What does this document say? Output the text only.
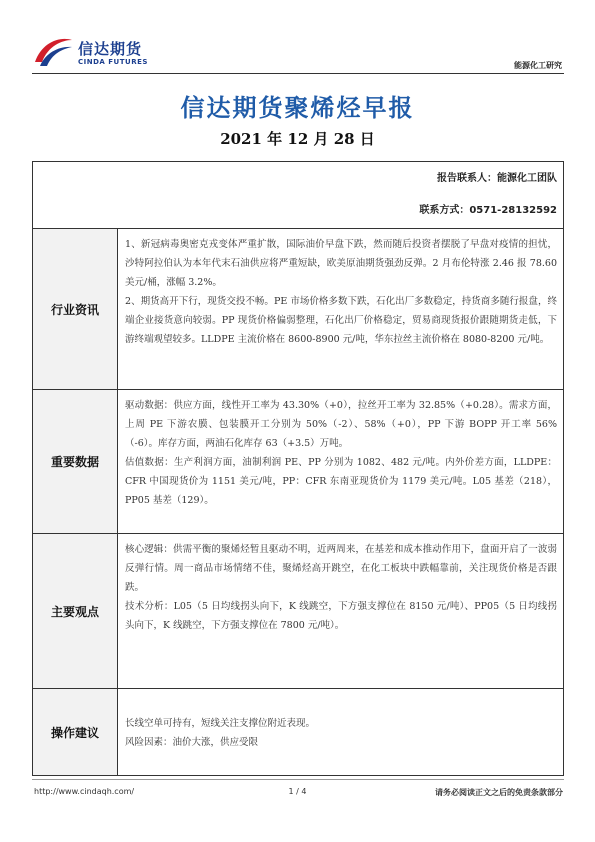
信达期货
CINDA FUTURES	能源化工研究
信达期货聚烯烃早报
2021 年 12 月 28 日
报告联系人：能源化工团队
联系方式：0571-28132592	

行业资讯	1、新冠病毒奥密克戎变体严重扩散，国际油价早盘下跌，然而随后投资者摆脱了早盘对疫情的担忧，沙特阿拉伯认为本年代末石油供应将严重短缺，欧美原油期货强劲反弹。2 月布伦特涨 2.46 报 78.60 美元/桶，涨幅 3.2%。

2、期货高开下行，现货交投不畅。PE 市场价格多数下跌，石化出厂多数稳定，持货商多随行报盘，终端企业接货意向较弱。PP 现货价格偏弱整理，石化出厂价格稳定，贸易商现货报价跟随期货走低，下游终端观望较多。LLDPE 主流价格在 8600-8900 元/吨，华东拉丝主流价格在 8080-8200 元/吨。

重要数据	驱动数据：供应方面，线性开工率为 43.30%（+0），拉丝开工率为 32.85%（+0.28）。需求方面，上周 PE 下游农膜、包装膜开工分别为 50%（-2）、58%（+0），PP 下游 BOPP 开工率 56%（-6）。库存方面，两油石化库存 63（+3.5）万吨。

估值数据：生产利润方面，油制利润 PE、PP 分别为 1082、482 元/吨。内外价差方面，LLDPE：CFR 中国现货价为 1151 美元/吨，PP：CFR 东南亚现货价为 1179 美元/吨。L05 基差（218），PP05 基差（129）。

主要观点	核心逻辑：供需平衡的聚烯烃暂且驱动不明，近两周来，在基差和成本推动作用下，盘面开启了一波弱反弹行情。周一商品市场情绪不佳，聚烯烃高开跳空，在化工板块中跌幅靠前，关注现货价格是否跟跌。

技术分析：L05（5 日均线拐头向下，K 线跳空，下方强支撑位在 8150 元/吨）、PP05（5 日均线拐头向下，K 线跳空，下方强支撑位在 7800 元/吨）。

操作建议	长线空单可持有，短线关注支撑位附近表现。

风险因素：油价大涨，供应受限

http://www.cindaqh.com/	1 / 4	请务必阅读正文之后的免责条款部分
